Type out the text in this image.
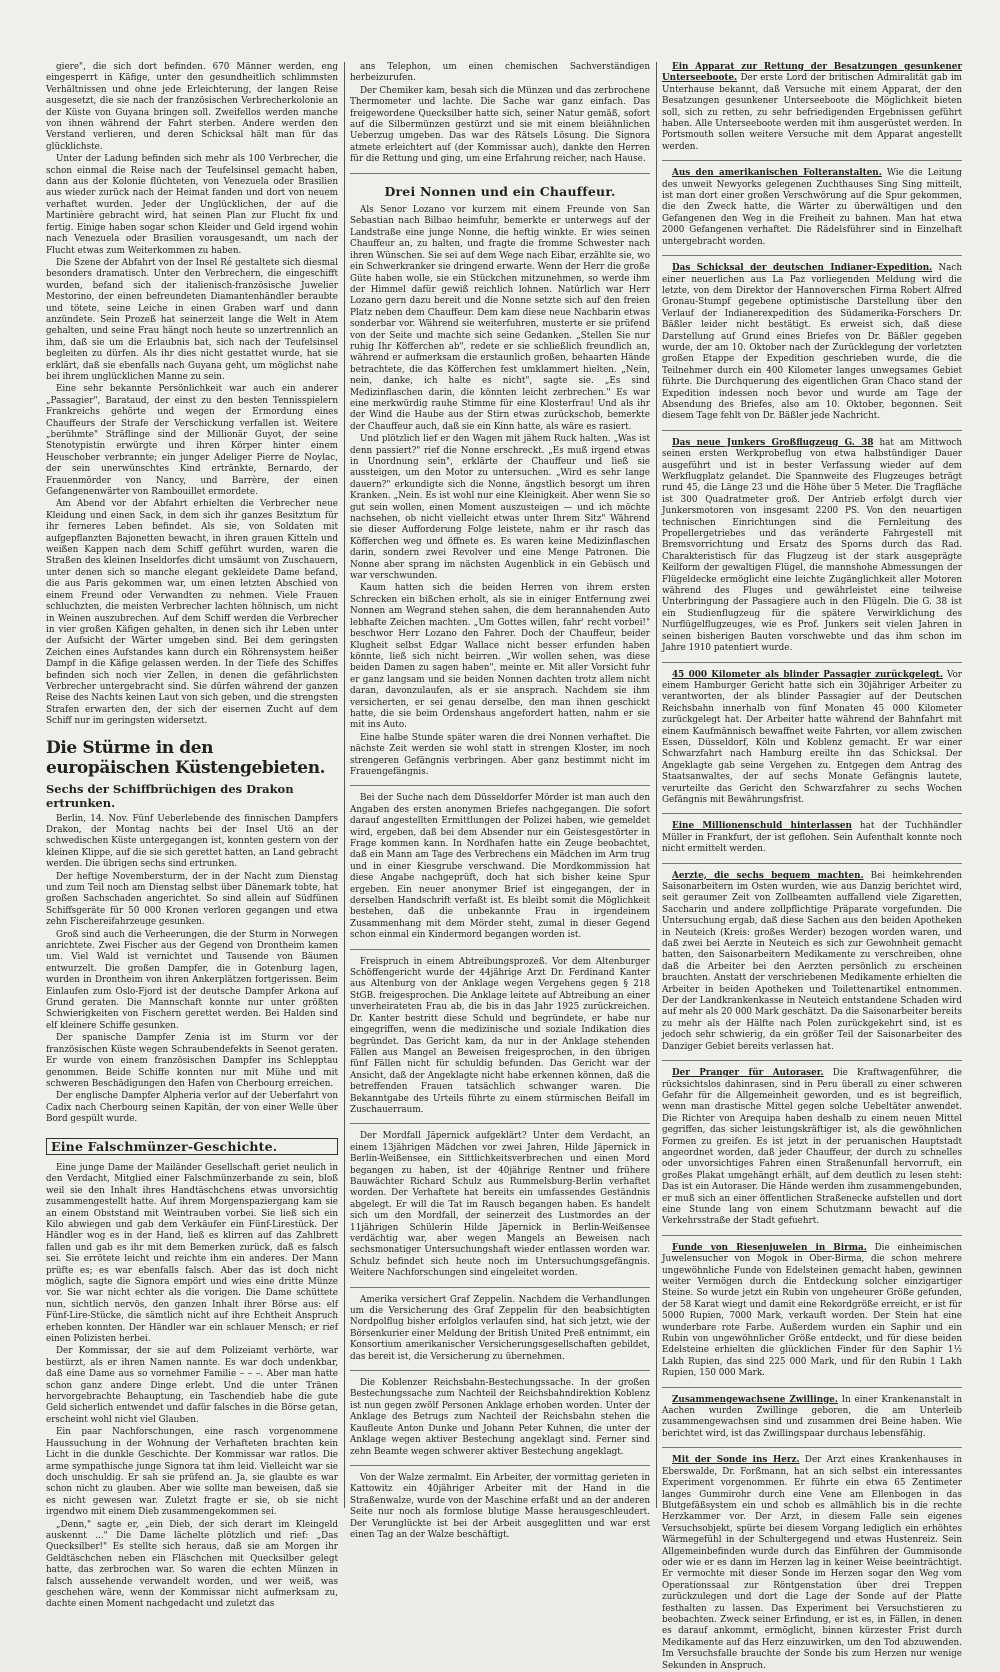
giere", die sich dort befinden. 670 Männer werden, eng eingesperrt in Käfige, unter den gesundheitlich schlimmsten Verhältnissen und ohne jede Erleichterung, der langen Reise ausgesetzt, die sie nach der französischen Verbrecherkolonie an der Küste von Guyana bringen soll. Zweifellos werden manche von ihnen während der Fahrt sterben. Andere werden den Verstand verlieren, und deren Schicksal hält man für das glücklichste.

Unter der Ladung befinden sich mehr als 100 Verbrecher, die schon einmal die Reise nach der Teufelsinsel gemacht haben, dann aus der Kolonie flüchteten, von Venezuela oder Brasilien aus wieder zurück nach der Heimat fanden und dort von neuem verhaftet wurden. Jeder der Unglücklichen, der auf die Martinière gebracht wird, hat seinen Plan zur Flucht fix und fertig. Einige haben sogar schon Kleider und Geld irgend wohin nach Venezuela oder Brasilien vorausgesandt, um nach der Flucht etwas zum Weiterkommen zu haben.

Die Szene der Abfahrt von der Insel Ré gestaltete sich diesmal besonders dramatisch. Unter den Verbrechern, die eingeschifft wurden, befand sich der italienisch-französische Juwelier Mestorino, der einen befreundeten Diamantenhändler beraubte und tötete, seine Leiche in einen Graben warf und dann anzündete. Sein Prozeß hat seinerzeit lange die Welt in Atem gehalten, und seine Frau hängt noch heute so unzertrennlich an ihm, daß sie um die Erlaubnis bat, sich nach der Teufelsinsel begleiten zu dürfen. Als ihr dies nicht gestattet wurde, hat sie erklärt, daß sie ebenfalls nach Guyana geht, um möglichst nahe bei ihrem unglücklichen Manne zu sein.

Eine sehr bekannte Persönlichkeit war auch ein anderer „Passagier", Barataud, der einst zu den besten Tennisspielern Frankreichs gehörte und wegen der Ermordung eines Chauffeurs der Strafe der Verschickung verfallen ist. Weitere „berühmte" Sträflinge sind der Millionär Guyot, der seine Stenotypistin erwürgte und ihren Körper hinter einem Heuschober verbrannte; ein junger Adeliger Pierre de Noylac, der sein unerwünschtes Kind ertränkte, Bernardo, der Frauenmörder von Nancy, und Barrère, der einen Gefangenenwärter von Rambouillet ermordete.

Am Abend vor der Abfahrt erhielten die Verbrecher neue Kleidung und einen Sack, in dem sich ihr ganzes Besitztum für ihr ferneres Leben befindet. Als sie, von Soldaten mit aufgepflanzten Bajonetten bewacht, in ihren grauen Kitteln und weißen Kappen nach dem Schiff geführt wurden, waren die Straßen des kleinen Inseldorfes dicht umsäumt von Zuschauern, unter denen sich so manche elegant gekleidete Dame befand, die aus Paris gekommen war, um einen letzten Abschied von einem Freund oder Verwandten zu nehmen. Viele Frauen schluchzten, die meisten Verbrecher lachten höhnisch, um nicht in Weinen auszubrechen. Auf dem Schiff werden die Verbrecher in vier großen Käfigen gehalten, in denen sich ihr Leben unter der Aufsicht der Wärter umgeben sind. Bei dem geringsten Zeichen eines Aufstandes kann durch ein Röhrensystem heißer Dampf in die Käfige gelassen werden. In der Tiefe des Schiffes befinden sich noch vier Zellen, in denen die gefährlichsten Verbrecher untergebracht sind. Sie dürfen während der ganzen Reise des Nachts keinen Laut von sich geben, und die strengsten Strafen erwarten den, der sich der eisernen Zucht auf dem Schiff nur im geringsten widersetzt.

Die Stürme in den europäischen Küstengebieten.
Sechs der Schiffbrüchigen des Drakon ertrunken.

Berlin, 14. Nov. Fünf Ueberlebende des finnischen Dampfers Drakon, der Montag nachts bei der Insel Utö an der schwedischen Küste untergegangen ist, konnten gestern von der kleinen Klippe, auf die sie sich gerettet hatten, an Land gebracht werden. Die übrigen sechs sind ertrunken.

Der heftige Novembersturm, der in der Nacht zum Dienstag und zum Teil noch am Dienstag selbst über Dänemark tobte, hat großen Sachschaden angerichtet. So sind allein auf Südfünen Schiffsgeräte für 50 000 Kronen verloren gegangen und etwa zehn Fischereifahrzeuge gesunken.

Groß sind auch die Verheerungen, die der Sturm in Norwegen anrichtete. Zwei Fischer aus der Gegend von Drontheim kamen um. Viel Wald ist vernichtet und Tausende von Bäumen entwurzelt. Die großen Dampfer, die in Gotenburg lagen, wurden in Drontheim von ihren Ankerplätzen fortgerissen. Beim Einlaufen zum Oslo-Fjord ist der deutsche Dampfer Arkona auf Grund geraten. Die Mannschaft konnte nur unter größten Schwierigkeiten von Fischern gerettet werden. Bei Halden sind elf kleinere Schiffe gesunken.

Der spanische Dampfer Zenia ist im Sturm vor der französischen Küste wegen Schraubendefekts in Seenot geraten. Er wurde von einem französischen Dampfer ins Schlepptau genommen. Beide Schiffe konnten nur mit Mühe und mit schweren Beschädigungen den Hafen von Cherbourg erreichen.

Der englische Dampfer Alpheria verlor auf der Ueberfahrt von Cadix nach Cherbourg seinen Kapitän, der von einer Welle über Bord gespült wurde.

Eine Falschmünzer-Geschichte.

Eine junge Dame der Mailänder Gesellschaft geriet neulich in den Verdacht, Mitglied einer Falschmünzerbande zu sein, bloß weil sie den Inhalt ihres Handtäschchens etwas unvorsichtig zusammengestellt hatte. Auf ihrem Morgenspaziergang kam sie an einem Obststand mit Weintrauben vorbei. Sie ließ sich ein Kilo abwiegen und gab dem Verkäufer ein Fünf-Lirestück. Der Händler wog es in der Hand, ließ es klirren auf das Zahlbrett fallen und gab es ihr mit dem Bemerken zurück, daß es falsch sei. Sie errötete leicht und reichte ihm ein anderes. Der Mann prüfte es; es war ebenfalls falsch. Aber das ist doch nicht möglich, sagte die Signora empört und wies eine dritte Münze vor. Sie war nicht echter als die vorigen. Die Dame schüttete nun, sichtlich nervös, den ganzen Inhalt ihrer Börse aus: elf Fünf-Lire-Stücke, die sämtlich nicht auf ihre Echtheit Anspruch erheben konnten. Der Händler war ein schlauer Mensch; er rief einen Polizisten herbei.

Der Kommissar, der sie auf dem Polizeiamt verhörte, war bestürzt, als er ihren Namen nannte. Es war doch undenkbar, daß eine Dame aus so vornehmer Familie – – –. Aber man hatte schon ganz andere Dinge erlebt. Und die unter Tränen hervorgebrachte Behauptung, ein Taschendieb habe die gute Geld sicherlich entwendet und dafür falsches in die Börse getan, erscheint wohl nicht viel Glauben.

Ein paar Nachforschungen, eine rasch vorgenommene Haussuchung in der Wohnung der Verhafteten brachten kein Licht in die dunkle Geschichte. Der Kommissar war ratlos. Die arme sympathische junge Signora tat ihm leid. Vielleicht war sie doch unschuldig. Er sah sie prüfend an. Ja, sie glaubte es war schon nicht zu glauben. Aber wie sollte man beweisen, daß sie es nicht gewesen war. Zuletzt fragte er sie, ob sie nicht irgendwo mit einem Dieb zusammengekommen sei.

„Denn," sagte er, „ein Dieb, der sich derart im Kleingeld auskennt ..." Die Dame lächelte plötzlich und rief: „Das Quecksilber!" Es stellte sich heraus, daß sie am Morgen ihr Geldtäschchen neben ein Fläschchen mit Quecksilber gelegt hatte, das zerbrochen war. So waren die echten Münzen in falsch aussehende verwandelt worden, und wer weiß, was geschehen wäre, wenn der Kommissar nicht aufmerksam zu, dachte einen Moment nachgedacht und zuletzt das

ans Telephon, um einen chemischen Sachverständigen herbeizurufen.

Der Chemiker kam, besah sich die Münzen und das zerbrochene Thermometer und lachte. Die Sache war ganz einfach. Das freigewordene Quecksilber hatte sich, seiner Natur gemäß, sofort auf die Silbermünzen gestürzt und sie mit einem bleiähnlichen Ueberzug umgeben. Das war des Rätsels Lösung. Die Signora atmete erleichtert auf (der Kommissar auch), dankte den Herren für die Rettung und ging, um eine Erfahrung reicher, nach Hause.

Drei Nonnen und ein Chauffeur.

Als Senor Lozano vor kurzem mit einem Freunde von San Sebastian nach Bilbao heimfuhr, bemerkte er unterwegs auf der Landstraße eine junge Nonne, die heftig winkte. Er wies seinen Chauffeur an, zu halten, und fragte die fromme Schwester nach ihren Wünschen. Sie sei auf dem Wege nach Eibar, erzählte sie, wo ein Schwerkranker sie dringend erwarte. Wenn der Herr die große Güte haben wolle, sie ein Stückchen mitzunehmen, so werde ihm der Himmel dafür gewiß reichlich lohnen. Natürlich war Herr Lozano gern dazu bereit und die Nonne setzte sich auf den freien Platz neben dem Chauffeur. Dem kam diese neue Nachbarin etwas sonderbar vor. Während sie weiterfuhren, musterte er sie prüfend von der Seite und machte sich seine Gedanken. „Stellen Sie nur ruhig Ihr Köfferchen ab", redete er sie schließlich freundlich an, während er aufmerksam die erstaunlich großen, behaarten Hände betrachtete, die das Köfferchen fest umklammert hielten. „Nein, nein, danke, ich halte es nicht", sagte sie. „Es sind Medizinflaschen darin, die könnten leicht zerbrechen." Es war eine merkwürdig rauhe Stimme für eine Klosterfrau! Und als ihr der Wind die Haube aus der Stirn etwas zurückschob, bemerkte der Chauffeur auch, daß sie ein Kinn hatte, als wäre es rasiert.

Und plötzlich lief er den Wagen mit jähem Ruck halten. „Was ist denn passiert?" rief die Nonne erschreckt. „Es muß irgend etwas in Unordnung sein", erklärte der Chauffeur und ließ sie aussteigen, um den Motor zu untersuchen. „Wird es sehr lange dauern?" erkundigte sich die Nonne, ängstlich besorgt um ihren Kranken. „Nein. Es ist wohl nur eine Kleinigkeit. Aber wenn Sie so gut sein wollen, einen Moment auszusteigen — und ich möchte nachsehen, ob nicht vielleicht etwas unter Ihrem Sitz" Während sie dieser Aufforderung Folge leistete, nahm er ihr rasch das Köfferchen weg und öffnete es. Es waren keine Medizinflaschen darin, sondern zwei Revolver und eine Menge Patronen. Die Nonne aber sprang im nächsten Augenblick in ein Gebüsch und war verschwunden.

Kaum hatten sich die beiden Herren von ihrem ersten Schrecken ein bißchen erholt, als sie in einiger Entfernung zwei Nonnen am Wegrand stehen sahen, die dem herannahenden Auto lebhafte Zeichen machten. „Um Gottes willen, fahr' recht vorbei!" beschwor Herr Lozano den Fahrer. Doch der Chauffeur, beider Klugheit selbst Edgar Wallace nicht besser erfunden haben könnte, ließ sich nicht beirren. „Wir wollen sehen, was diese beiden Damen zu sagen haben", meinte er. Mit aller Vorsicht fuhr er ganz langsam und sie beiden Nonnen dachten trotz allem nicht daran, davonzulaufen, als er sie ansprach. Nachdem sie ihm versicherten, er sei genau derselbe, den man ihnen geschickt hatte, die sie beim Ordenshaus angefordert hatten, nahm er sie mit ins Auto.

Eine halbe Stunde später waren die drei Nonnen verhaftet. Die nächste Zeit werden sie wohl statt in strengen Kloster, im noch strengeren Gefängnis verbringen. Aber ganz bestimmt nicht im Frauengefängnis.

Bei der Suche nach dem Düsseldorfer Mörder ist man auch den Angaben des ersten anonymen Briefes nachgegangen. Die sofort darauf angestellten Ermittlungen der Polizei haben, wie gemeldet wird, ergeben, daß bei dem Absender nur ein Geistesgestörter in Frage kommen kann. In Nordhafen hatte ein Zeuge beobachtet, daß ein Mann am Tage des Verbrechens ein Mädchen im Arm trug und in einer Kiesgrube verschwand. Die Mordkommission hat diese Angabe nachgeprüft, doch hat sich bisher keine Spur ergeben. Ein neuer anonymer Brief ist eingegangen, der in derselben Handschrift verfaßt ist. Es bleibt somit die Möglichkeit bestehen, daß die unbekannte Frau in irgendeinem Zusammenhang mit dem Mörder steht, zumal in dieser Gegend schon einmal ein Kindermord begangen worden ist.

Freispruch in einem Abtreibungsprozeß. Vor dem Altenburger Schöffengericht wurde der 44jährige Arzt Dr. Ferdinand Kanter aus Altenburg von der Anklage wegen Vergehens gegen § 218 StGB. freigesprochen. Die Anklage leitete auf Abtreibung an einer unverheirateten Frau ab, die bis in das Jahr 1925 zurückreichen. Dr. Kanter bestritt diese Schuld und begründete, er habe nur eingegriffen, wenn die medizinische und soziale Indikation dies begründet. Das Gericht kam, da nur in der Anklage stehenden Fällen aus Mangel an Beweisen freigesprochen, in den übrigen fünf Fällen nicht für schuldig befunden. Das Gericht war der Ansicht, daß der Angeklagte nicht habe erkennen können, daß die betreffenden Frauen tatsächlich schwanger waren. Die Bekanntgabe des Urteils führte zu einem stürmischen Beifall im Zuschauerraum.

Der Mordfall Jäpernick aufgeklärt? Unter dem Verdacht, an einem 13jährigen Mädchen vor zwei Jahren, Hilde Jäpernick in Berlin-Weißensee, ein Sittlichkeitsverbrechen und einen Mord begangen zu haben, ist der 40jährige Rentner und frühere Bauwächter Richard Schulz aus Rummelsburg-Berlin verhaftet worden. Der Verhaftete hat bereits ein umfassendes Geständnis abgelegt. Er will die Tat im Rausch begangen haben. Es handelt sich um den Mordfall, der seinerzeit des Lustmordes an der 11jährigen Schülerin Hilde Jäpernick in Berlin-Weißensee verdächtig war, aber wegen Mangels an Beweisen nach sechsmonatiger Untersuchungshaft wieder entlassen worden war. Schulz befindet sich heute noch im Untersuchungsgefängnis. Weitere Nachforschungen sind eingeleitet worden.

Amerika versichert Graf Zeppelin. Nachdem die Verhandlungen um die Versicherung des Graf Zeppelin für den beabsichtigten Nordpolflug bisher erfolglos verlaufen sind, hat sich jetzt, wie der Börsenkurier einer Meldung der British United Preß entnimmt, ein Konsortium amerikanischer Versicherungsgesellschaften gebildet, das bereit ist, die Versicherung zu übernehmen.

Die Koblenzer Reichsbahn-Bestechungssache. In der großen Bestechungssache zum Nachteil der Reichsbahndirektion Koblenz ist nun gegen zwölf Personen Anklage erhoben worden. Unter der Anklage des Betrugs zum Nachteil der Reichsbahn stehen die Kaufleute Anton Dunke und Johann Peter Kuhnen, die unter der Anklage wegen aktiver Bestechung angeklagt sind. Ferner sind zehn Beamte wegen schwerer aktiver Bestechung angeklagt.

Von der Walze zermalmt. Ein Arbeiter, der vormittag gerieten in Kattowitz ein 40jähriger Arbeiter mit der Hand in die Straßenwalze, wurde von der Maschine erfaßt und an der anderen Seite nur noch als formlose blutige Masse herausgeschleudert. Der Verunglückte ist bei der Arbeit ausgeglitten und war erst einen Tag an der Walze beschäftigt.

Ein Apparat zur Rettung der Besatzungen gesunkener Unterseeboote. Der erste Lord der britischen Admiralität gab im Unterhause bekannt, daß Versuche mit einem Apparat, der den Besatzungen gesunkener Unterseeboote die Möglichkeit bieten soll, sich zu retten, zu sehr befriedigenden Ergebnissen geführt haben. Alle Unterseeboote werden mit ihm ausgerüstet werden. In Portsmouth sollen weitere Versuche mit dem Apparat angestellt werden.

Aus den amerikanischen Folteranstalten. Wie die Leitung des unweit Newyorks gelegenen Zuchthauses Sing Sing mitteilt, ist man dort einer großen Verschwörung auf die Spur gekommen, die den Zweck hatte, die Wärter zu überwältigen und den Gefangenen den Weg in die Freiheit zu bahnen. Man hat etwa 2000 Gefangenen verhaftet. Die Rädelsführer sind in Einzelhaft untergebracht worden.

Das Schicksal der deutschen Indianer-Expedition. Nach einer neuerlichen aus La Paz vorliegenden Meldung wird die letzte, von dem Direktor der Hannoverschen Firma Robert Alfred Gronau-Stumpf gegebene optimistische Darstellung über den Verlauf der Indianerexpedition des Südamerika-Forschers Dr. Bäßler leider nicht bestätigt. Es erweist sich, daß diese Darstellung auf Grund eines Briefes von Dr. Bäßler gegeben wurde, der am 10. Oktober nach der Zurücklegung der vorletzten großen Etappe der Expedition geschrieben wurde, die die Teilnehmer durch ein 400 Kilometer langes unwegsames Gebiet führte. Die Durchquerung des eigentlichen Gran Chaco stand der Expedition indessen noch bevor und wurde am Tage der Absendung des Briefes, also am 10. Oktober, begonnen. Seit diesem Tage fehlt von Dr. Bäßler jede Nachricht.

Das neue Junkers Großflugzeug G. 38 hat am Mittwoch seinen ersten Werkprobeflug von etwa halbstündiger Dauer ausgeführt und ist in bester Verfassung wieder auf dem Werkflugplatz gelandet. Die Spannweite des Flugzeuges beträgt rund 45, die Länge 23 und die Höhe über 5 Meter. Die Tragfläche ist 300 Quadratmeter groß. Der Antrieb erfolgt durch vier Junkersmotoren von insgesamt 2200 PS. Von den neuartigen technischen Einrichtungen sind die Fernleitung des Propellergetriebes und das veränderte Fahrgestell mit Bremsvorrichtung und Ersatz des Sporns durch das Rad. Charakteristisch für das Flugzeug ist der stark ausgeprägte Keilform der gewaltigen Flügel, die mannshohe Abmessungen der Flügeldecke ermöglicht eine leichte Zugänglichkeit aller Motoren während des Fluges und gewährleistet eine teilweise Unterbringung der Passagiere auch in den Flügeln. Die G. 38 ist ein Studienflugzeug für die spätere Verwirklichung des Nurflügelflugzeuges, wie es Prof. Junkers seit vielen Jahren in seinen bisherigen Bauten vorschwebte und das ihm schon im Jahre 1910 patentiert wurde.

45 000 Kilometer als blinder Passagier zurückgelegt. Vor einem Hamburger Gericht hatte sich ein 30jähriger Arbeiter zu verantworten, der als blinder Passagier auf der Deutschen Reichsbahn innerhalb von fünf Monaten 45 000 Kilometer zurückgelegt hat. Der Arbeiter hatte während der Bahnfahrt mit einem Kaufmännisch bewaffnet weite Fahrten, vor allem zwischen Essen, Düsseldorf, Köln und Koblenz gemacht. Er war einer Schwarzfahrt nach Hamburg ereilte ihn das Schicksal. Der Angeklagte gab seine Vergehen zu. Entgegen dem Antrag des Staatsanwaltes, der auf sechs Monate Gefängnis lautete, verurteilte das Gericht den Schwarzfahrer zu sechs Wochen Gefängnis mit Bewährungsfrist.

Eine Millionenschuld hinterlassen hat der Tuchhändler Müller in Frankfurt, der ist geflohen. Sein Aufenthalt konnte noch nicht ermittelt werden.

Aerzte, die sechs bequem machten. Bei heimkehrenden Saisonarbeitern im Osten wurden, wie aus Danzig berichtet wird, seit geraumer Zeit von Zollbeamten auffallend viele Zigaretten, Saccharin und andere zollpflichtige Präparate vorgefunden. Die Untersuchung ergab, daß diese Sachen aus den beiden Apotheken in Neuteich (Kreis: großes Werder) bezogen worden waren, und daß zwei bei Aerzte in Neuteich es sich zur Gewohnheit gemacht hatten, den Saisonarbeitern Medikamente zu verschreiben, ohne daß die Arbeiter bei den Aerzten persönlich zu erscheinen brauchten. Anstatt der verschriebenen Medikamente erhielten die Arbeiter in beiden Apotheken und Toilettenartikel entnommen. Der der Landkrankenkasse in Neuteich entstandene Schaden wird auf mehr als 20 000 Mark geschätzt. Da die Saisonarbeiter bereits zu mehr als der Hälfte nach Polen zurückgekehrt sind, ist es jedoch sehr schwierig, da ein größer Teil der Saisonarbeiter des Danziger Gebiet bereits verlassen hat.

Der Pranger für Autoraser. Die Kraftwagenführer, die rücksichtslos dahinrasen, sind in Peru überall zu einer schweren Gefahr für die Allgemeinheit geworden, und es ist begreiflich, wenn man drastische Mittel gegen solche Uebeltäter anwendet. Die Richter von Arequipa haben deshalb zu einem neuen Mittel gegriffen, das sicher leistungskräftiger ist, als die gewöhnlichen Formen zu greifen. Es ist jetzt in der peruanischen Hauptstadt angeordnet worden, daß jeder Chauffeur, der durch zu schnelles oder unvorsichtiges Fahren einen Straßenunfall hervorruft, ein großes Plakat umgehängt erhält, auf dem deutlich zu lesen steht: Das ist ein Autoraser. Die Hände werden ihm zusammengebunden, er muß sich an einer öffentlichen Straßenecke aufstellen und dort eine Stunde lang von einem Schutzmann bewacht auf die Verkehrsstraße der Stadt gefuehrt.

Funde von Riesenjuwelen in Birma. Die einheimischen Juwelensucher von Mogok in Ober-Birma, die schon mehrere ungewöhnliche Funde von Edelsteinen gemacht haben, gewinnen weiter Vermögen durch die Entdeckung solcher einzigartiger Steine. So wurde jetzt ein Rubin von ungeheurer Größe gefunden, der 58 Karat wiegt und damit eine Rekordgröße erreicht, er ist für 5000 Rupien, 7000 Mark, verkauft worden. Der Stein hat eine wunderbare rote Farbe. Außerdem wurden ein Saphir und ein Rubin von ungewöhnlicher Größe entdeckt, und für diese beiden Edelsteine erhielten die glücklichen Finder für den Saphir 1½ Lakh Rupien, das sind 225 000 Mark, und für den Rubin 1 Lakh Rupien, 150 000 Mark.

Zusammengewachsene Zwillinge. In einer Krankenanstalt in Aachen wurden Zwillinge geboren, die am Unterleib zusammengewachsen sind und zusammen drei Beine haben. Wie berichtet wird, ist das Zwillingspaar durchaus lebensfähig.

Mit der Sonde ins Herz. Der Arzt eines Krankenhauses in Eberswalde, Dr. Forßmann, hat an sich selbst ein interessantes Experiment vorgenommen. Er führte ein etwa 65 Zentimeter langes Gummirohr durch eine Vene am Ellenbogen in das Blutgefäßsystem ein und schob es allmählich bis in die rechte Herzkammer vor. Der Arzt, in diesem Falle sein eigenes Versuchsobjekt, spürte bei diesem Vorgang lediglich ein erhöhtes Wärmegefühl in der Schultergegend und etwas Hustenreiz. Sein Allgemeinbefinden wurde durch das Einführen der Gummisonde oder wie er es dann im Herzen lag in keiner Weise beeinträchtigt. Er vermochte mit dieser Sonde im Herzen sogar den Weg vom Operationssaal zur Röntgenstation über drei Treppen zurückzulegen und dort die Lage der Sonde auf der Platte festhalten zu lassen. Das Experiment bei Versuchstieren zu beobachten. Zweck seiner Erfindung, er ist es, in Fällen, in denen es darauf ankommt, ermöglicht, binnen kürzester Frist durch Medikamente auf das Herz einzuwirken, um den Tod abzuwenden. Im Versuchsfalle brauchte der Sonde bis zum Herzen nur wenige Sekunden in Anspruch.
